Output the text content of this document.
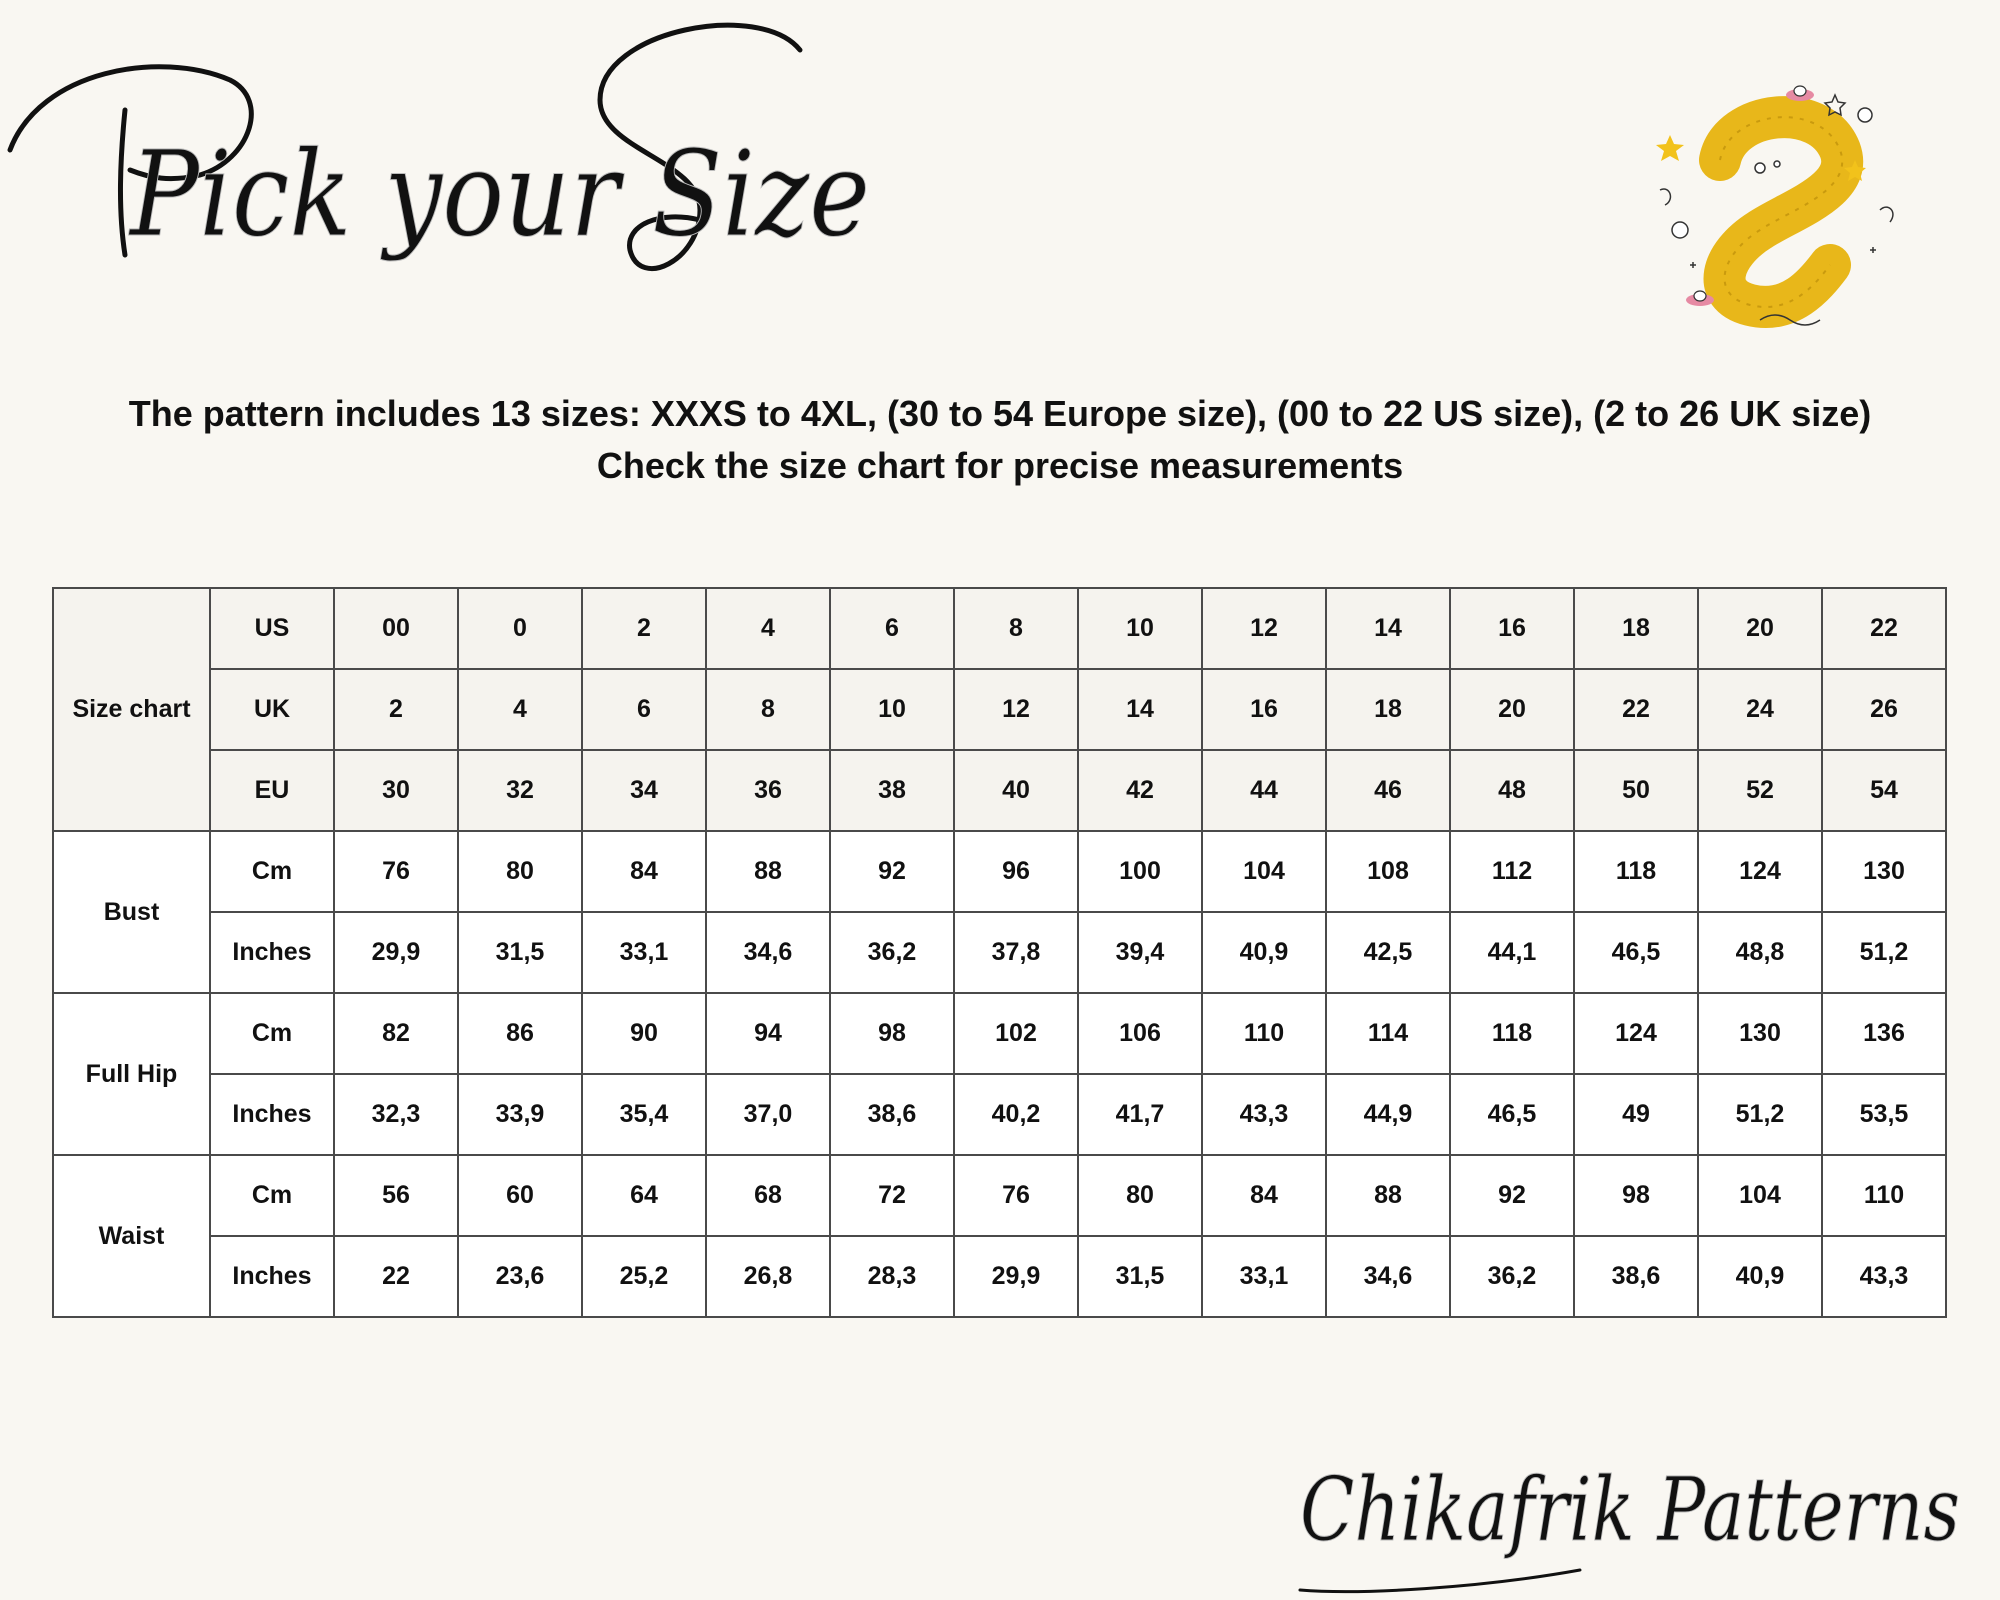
Pick your Size
The pattern includes 13 sizes: XXXS to 4XL, (30 to 54 Europe size), (00 to 22 US size), (2 to 26 UK size)
Check the size chart for precise measurements
Size chart	US	00	0	2	4	6	8	10	12	14	16	18	20	22
	UK	2	4	6	8	10	12	14	16	18	20	22	24	26
	EU	30	32	34	36	38	40	42	44	46	48	50	52	54
Bust	Cm	76	80	84	88	92	96	100	104	108	112	118	124	130
	Inches	29,9	31,5	33,1	34,6	36,2	37,8	39,4	40,9	42,5	44,1	46,5	48,8	51,2
Full Hip	Cm	82	86	90	94	98	102	106	110	114	118	124	130	136
	Inches	32,3	33,9	35,4	37,0	38,6	40,2	41,7	43,3	44,9	46,5	49	51,2	53,5
Waist	Cm	56	60	64	68	72	76	80	84	88	92	98	104	110
	Inches	22	23,6	25,2	26,8	28,3	29,9	31,5	33,1	34,6	36,2	38,6	40,9	43,3
Chikafrik Patterns
